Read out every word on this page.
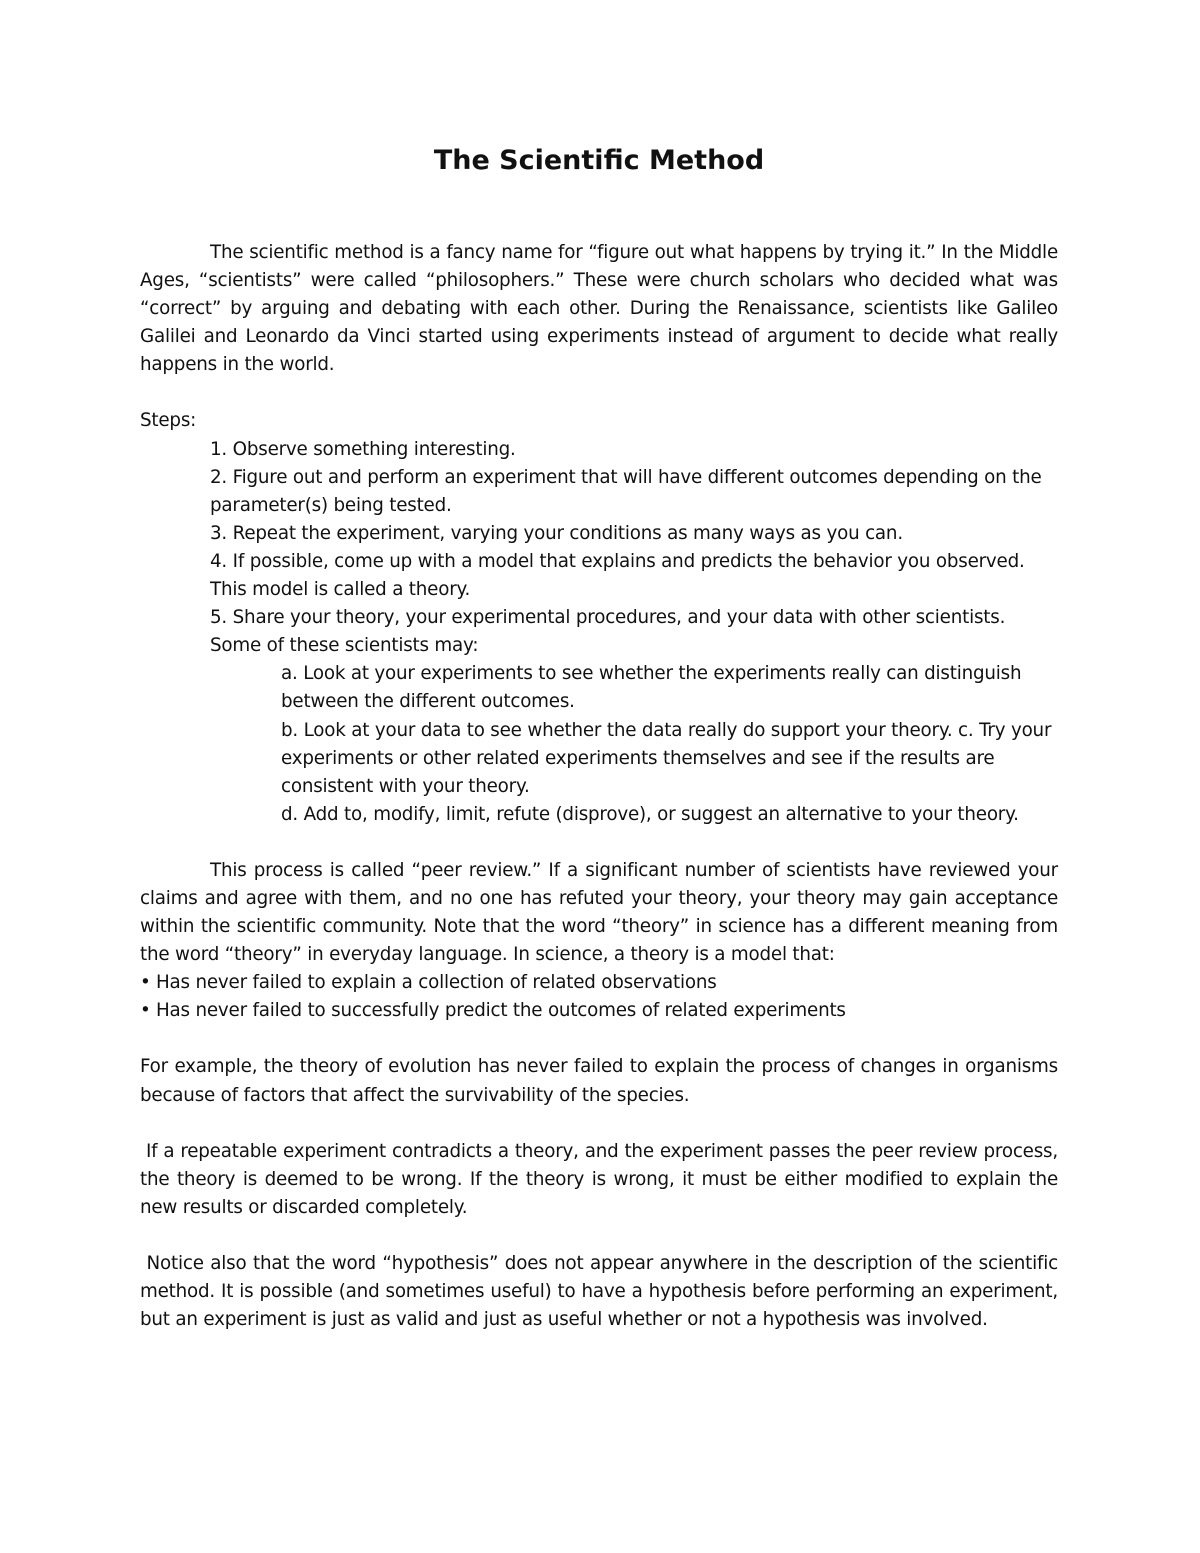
The Scientific Method

The scientific method is a fancy name for “figure out what happens by trying it.” In the Middle Ages, “scientists” were called “philosophers.” These were church scholars who decided what was “correct” by arguing and debating with each other. During the Renaissance, scientists like Galileo Galilei and Leonardo da Vinci started using experiments instead of argument to decide what really happens in the world.

Steps:

1. Observe something interesting.

2. Figure out and perform an experiment that will have different outcomes depending on the parameter(s) being tested.

3. Repeat the experiment, varying your conditions as many ways as you can.

4. If possible, come up with a model that explains and predicts the behavior you observed. This model is called a theory.

5. Share your theory, your experimental procedures, and your data with other scientists. Some of these scientists may:

a. Look at your experiments to see whether the experiments really can distinguish between the different outcomes.

b. Look at your data to see whether the data really do support your theory. c. Try your experiments or other related experiments themselves and see if the results are consistent with your theory.

d. Add to, modify, limit, refute (disprove), or suggest an alternative to your theory.

This process is called “peer review.” If a significant number of scientists have reviewed your claims and agree with them, and no one has refuted your theory, your theory may gain acceptance within the scientific community. Note that the word “theory” in science has a different meaning from the word “theory” in everyday language. In science, a theory is a model that:

• Has never failed to explain a collection of related observations
• Has never failed to successfully predict the outcomes of related experiments

For example, the theory of evolution has never failed to explain the process of changes in organisms because of factors that affect the survivability of the species.

If a repeatable experiment contradicts a theory, and the experiment passes the peer review process, the theory is deemed to be wrong. If the theory is wrong, it must be either modified to explain the new results or discarded completely.

Notice also that the word “hypothesis” does not appear anywhere in the description of the scientific method. It is possible (and sometimes useful) to have a hypothesis before performing an experiment, but an experiment is just as valid and just as useful whether or not a hypothesis was involved.
